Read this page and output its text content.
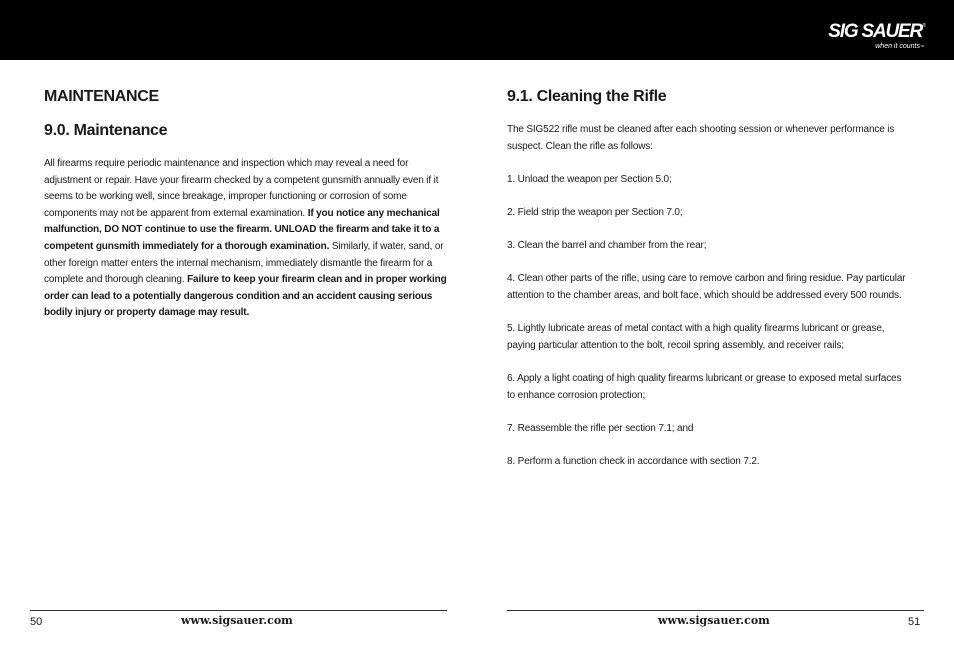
SIG SAUER ®
when it counts™
MAINTENANCE
9.0. Maintenance

All firearms require periodic maintenance and inspection which may reveal a need for adjustment or repair. Have your firearm checked by a competent gunsmith annually even if it seems to be working well, since breakage, improper functioning or corrosion of some components may not be apparent from external examination. If you notice any mechanical malfunction, DO NOT continue to use the firearm. UNLOAD the firearm and take it to a competent gunsmith immediately for a thorough examination. Similarly, if water, sand, or other foreign matter enters the internal mechanism, immediately dismantle the firearm for a complete and thorough cleaning. Failure to keep your firearm clean and in proper working order can lead to a potentially dangerous condition and an accident causing serious bodily injury or property damage may result.

9.1. Cleaning the Rifle

The SIG522 rifle must be cleaned after each shooting session or whenever performance is suspect. Clean the rifle as follows:

1. Unload the weapon per Section 5.0;

2. Field strip the weapon per Section 7.0;

3. Clean the barrel and chamber from the rear;

4. Clean other parts of the rifle, using care to remove carbon and firing residue. Pay particular attention to the chamber areas, and bolt face, which should be addressed every 500 rounds.

5. Lightly lubricate areas of metal contact with a high quality firearms lubricant or grease, paying particular attention to the bolt, recoil spring assembly, and receiver rails;

6. Apply a light coating of high quality firearms lubricant or grease to exposed metal surfaces to enhance corrosion protection;

7. Reassemble the rifle per section 7.1; and

8. Perform a function check in accordance with section 7.2.

50	www.sigsauer.com	www.sigsauer.com	51
